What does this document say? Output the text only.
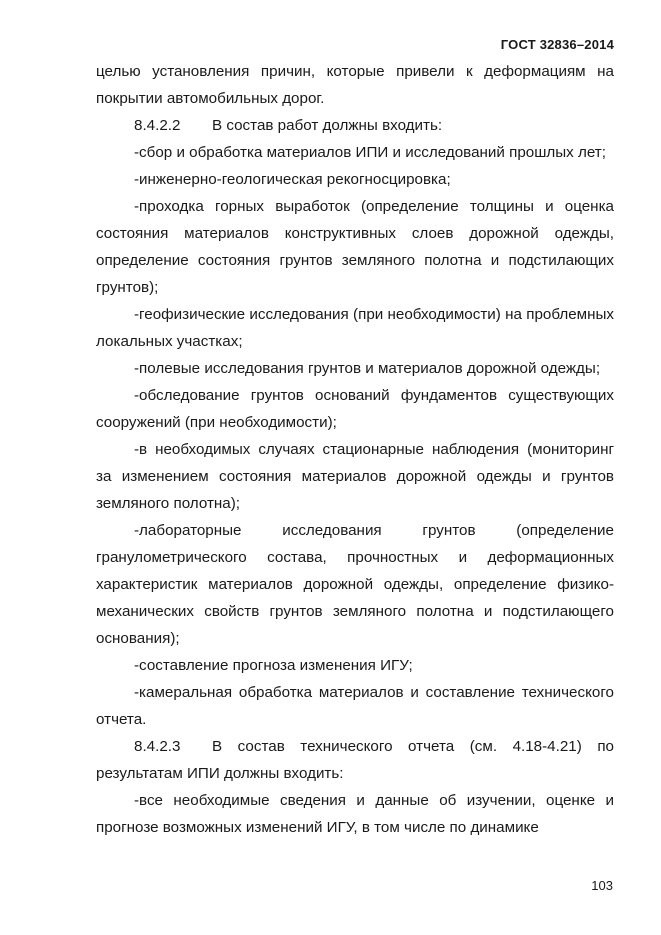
ГОСТ 32836–2014

целью установления причин, которые привели к деформациям на покрытии автомобильных дорог.

8.4.2.2 В состав работ должны входить:

-сбор и обработка материалов ИПИ и исследований прошлых лет;

-инженерно-геологическая рекогносцировка;

-проходка горных выработок (определение толщины и оценка состояния материалов конструктивных слоев дорожной одежды, определение состояния грунтов земляного полотна и подстилающих грунтов);

-геофизические исследования (при необходимости) на проблемных локальных участках;

-полевые исследования грунтов и материалов дорожной одежды;

-обследование грунтов оснований фундаментов существующих сооружений (при необходимости);

-в необходимых случаях стационарные наблюдения (мониторинг за изменением состояния материалов дорожной одежды и грунтов земляного полотна);

-лабораторные исследования грунтов (определение гранулометрического состава, прочностных и деформационных характеристик материалов дорожной одежды, определение физико-механических свойств грунтов земляного полотна и подстилающего основания);

-составление прогноза изменения ИГУ;

-камеральная обработка материалов и составление технического отчета.

8.4.2.3 В состав технического отчета (см. 4.18-4.21) по результатам ИПИ должны входить:

-все необходимые сведения и данные об изучении, оценке и прогнозе возможных изменений ИГУ, в том числе по динамике

103
